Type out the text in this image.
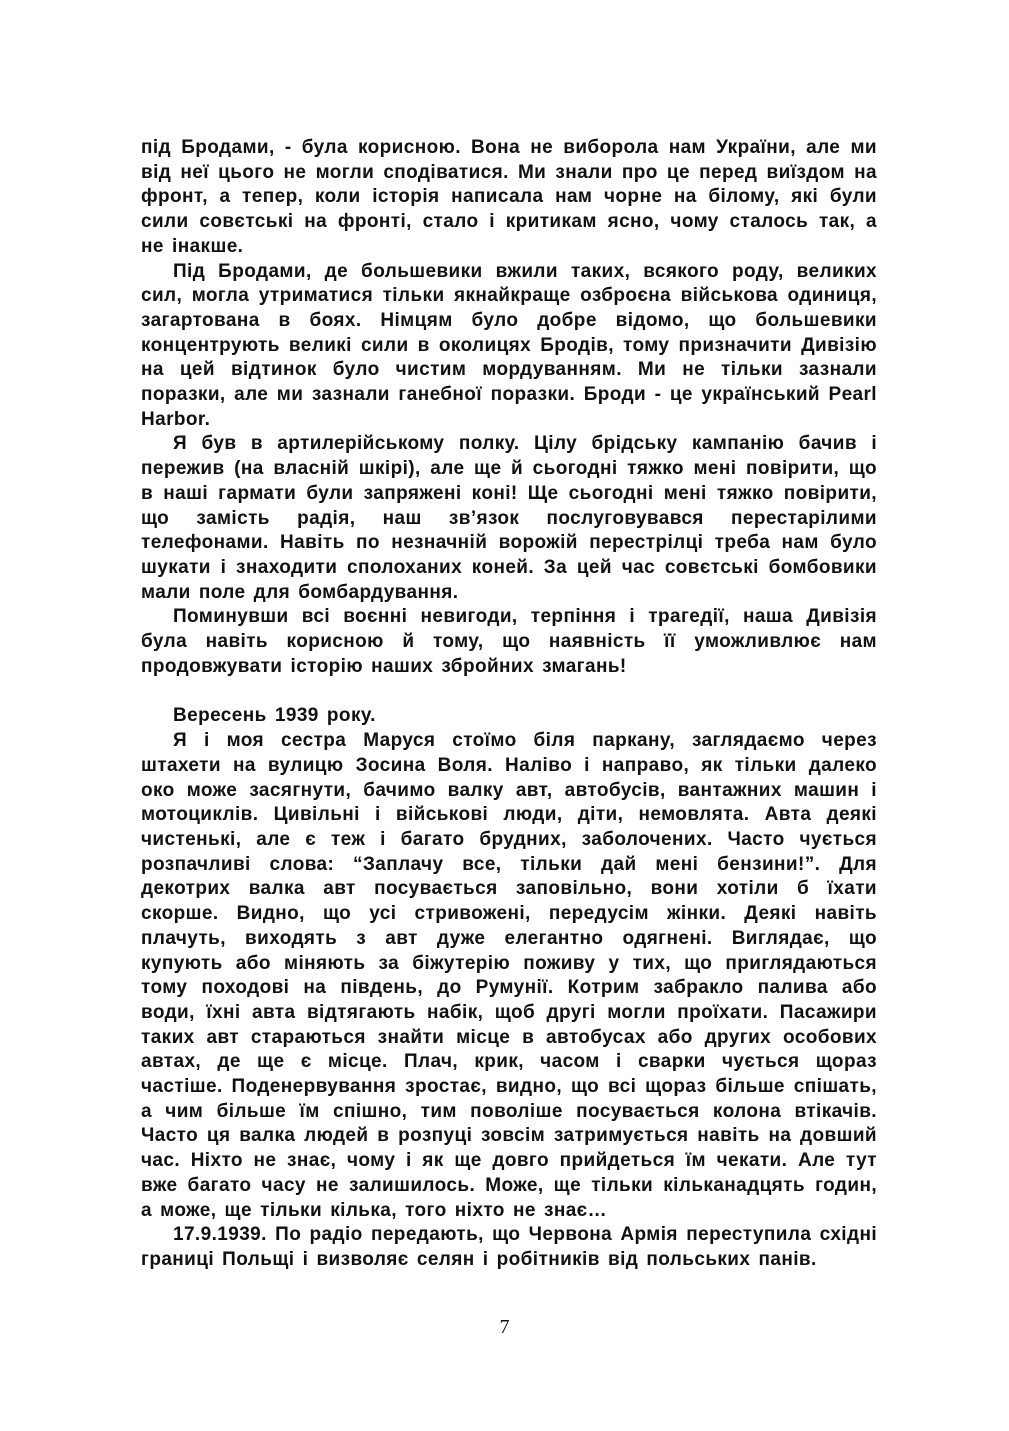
під Бродами, - була корисною. Вона не виборола нам України, але ми від неї цього не могли сподіватися. Ми знали про це перед виїздом на фронт, а тепер, коли історія написала нам чорне на білому, які були сили совєтські на фронті, стало і критикам ясно, чому сталось так, а не інакше.

Під Бродами, де большевики вжили таких, всякого роду, великих сил, могла утриматися тільки якнайкраще озброєна військова одиниця, загартована в боях. Німцям було добре відомо, що большевики концентрують великі сили в околицях Бродів, тому призначити Дивізію на цей відтинок було чистим мордуванням. Ми не тільки зазнали поразки, але ми зазнали ганебної поразки. Броди - це український Pearl Harbor.

Я був в артилерійському полку. Цілу брідську кампанію бачив і пережив (на власній шкірі), але ще й сьогодні тяжко мені повірити, що в наші гармати були запряжені коні! Ще сьогодні мені тяжко повірити, що замість радія, наш зв’язок послуговувався перестарілими телефонами. Навіть по незначній ворожій перестрілці треба нам було шукати і знаходити сполоханих коней. За цей час совєтські бомбовики мали поле для бомбардування.

Поминувши всі воєнні невигоди, терпіння і трагедії, наша Дивізія була навіть корисною й тому, що наявність її уможливлює нам продовжувати історію наших збройних змагань!

Вересень 1939 року.

Я і моя сестра Маруся стоїмо біля паркану, заглядаємо через штахети на вулицю Зосина Воля. Наліво і направо, як тільки далеко око може засягнути, бачимо валку авт, автобусів, вантажних машин і мотоциклів. Цивільні і військові люди, діти, немовлята. Авта деякі чистенькі, але є теж і багато брудних, заболочених. Часто чується розпачливі слова: “Заплачу все, тільки дай мені бензини!”. Для декотрих валка авт посувається заповільно, вони хотіли б їхати скорше. Видно, що усі стривожені, передусім жінки. Деякі навіть плачуть, виходять з авт дуже елегантно одягнені. Виглядає, що купують або міняють за біжутерію поживу у тих, що приглядаються тому походові на південь, до Румунії. Котрим забракло палива або води, їхні авта відтягають набік, щоб другі могли проїхати. Пасажири таких авт стараються знайти місце в автобусах або других особових автах, де ще є місце. Плач, крик, часом і сварки чується щораз частіше. Поденервування зростає, видно, що всі щораз більше спішать, а чим більше їм спішно, тим поволіше посувається колона втікачів. Часто ця валка людей в розпуці зовсім затримується навіть на довший час. Ніхто не знає, чому і як ще довго прийдеться їм чекати. Але тут вже багато часу не залишилось. Може, ще тільки кільканадцять годин, а може, ще тільки кілька, того ніхто не знає…

17.9.1939. По радіо передають, що Червона Армія переступила східні границі Польщі і визволяє селян і робітників від польських панів.

7
